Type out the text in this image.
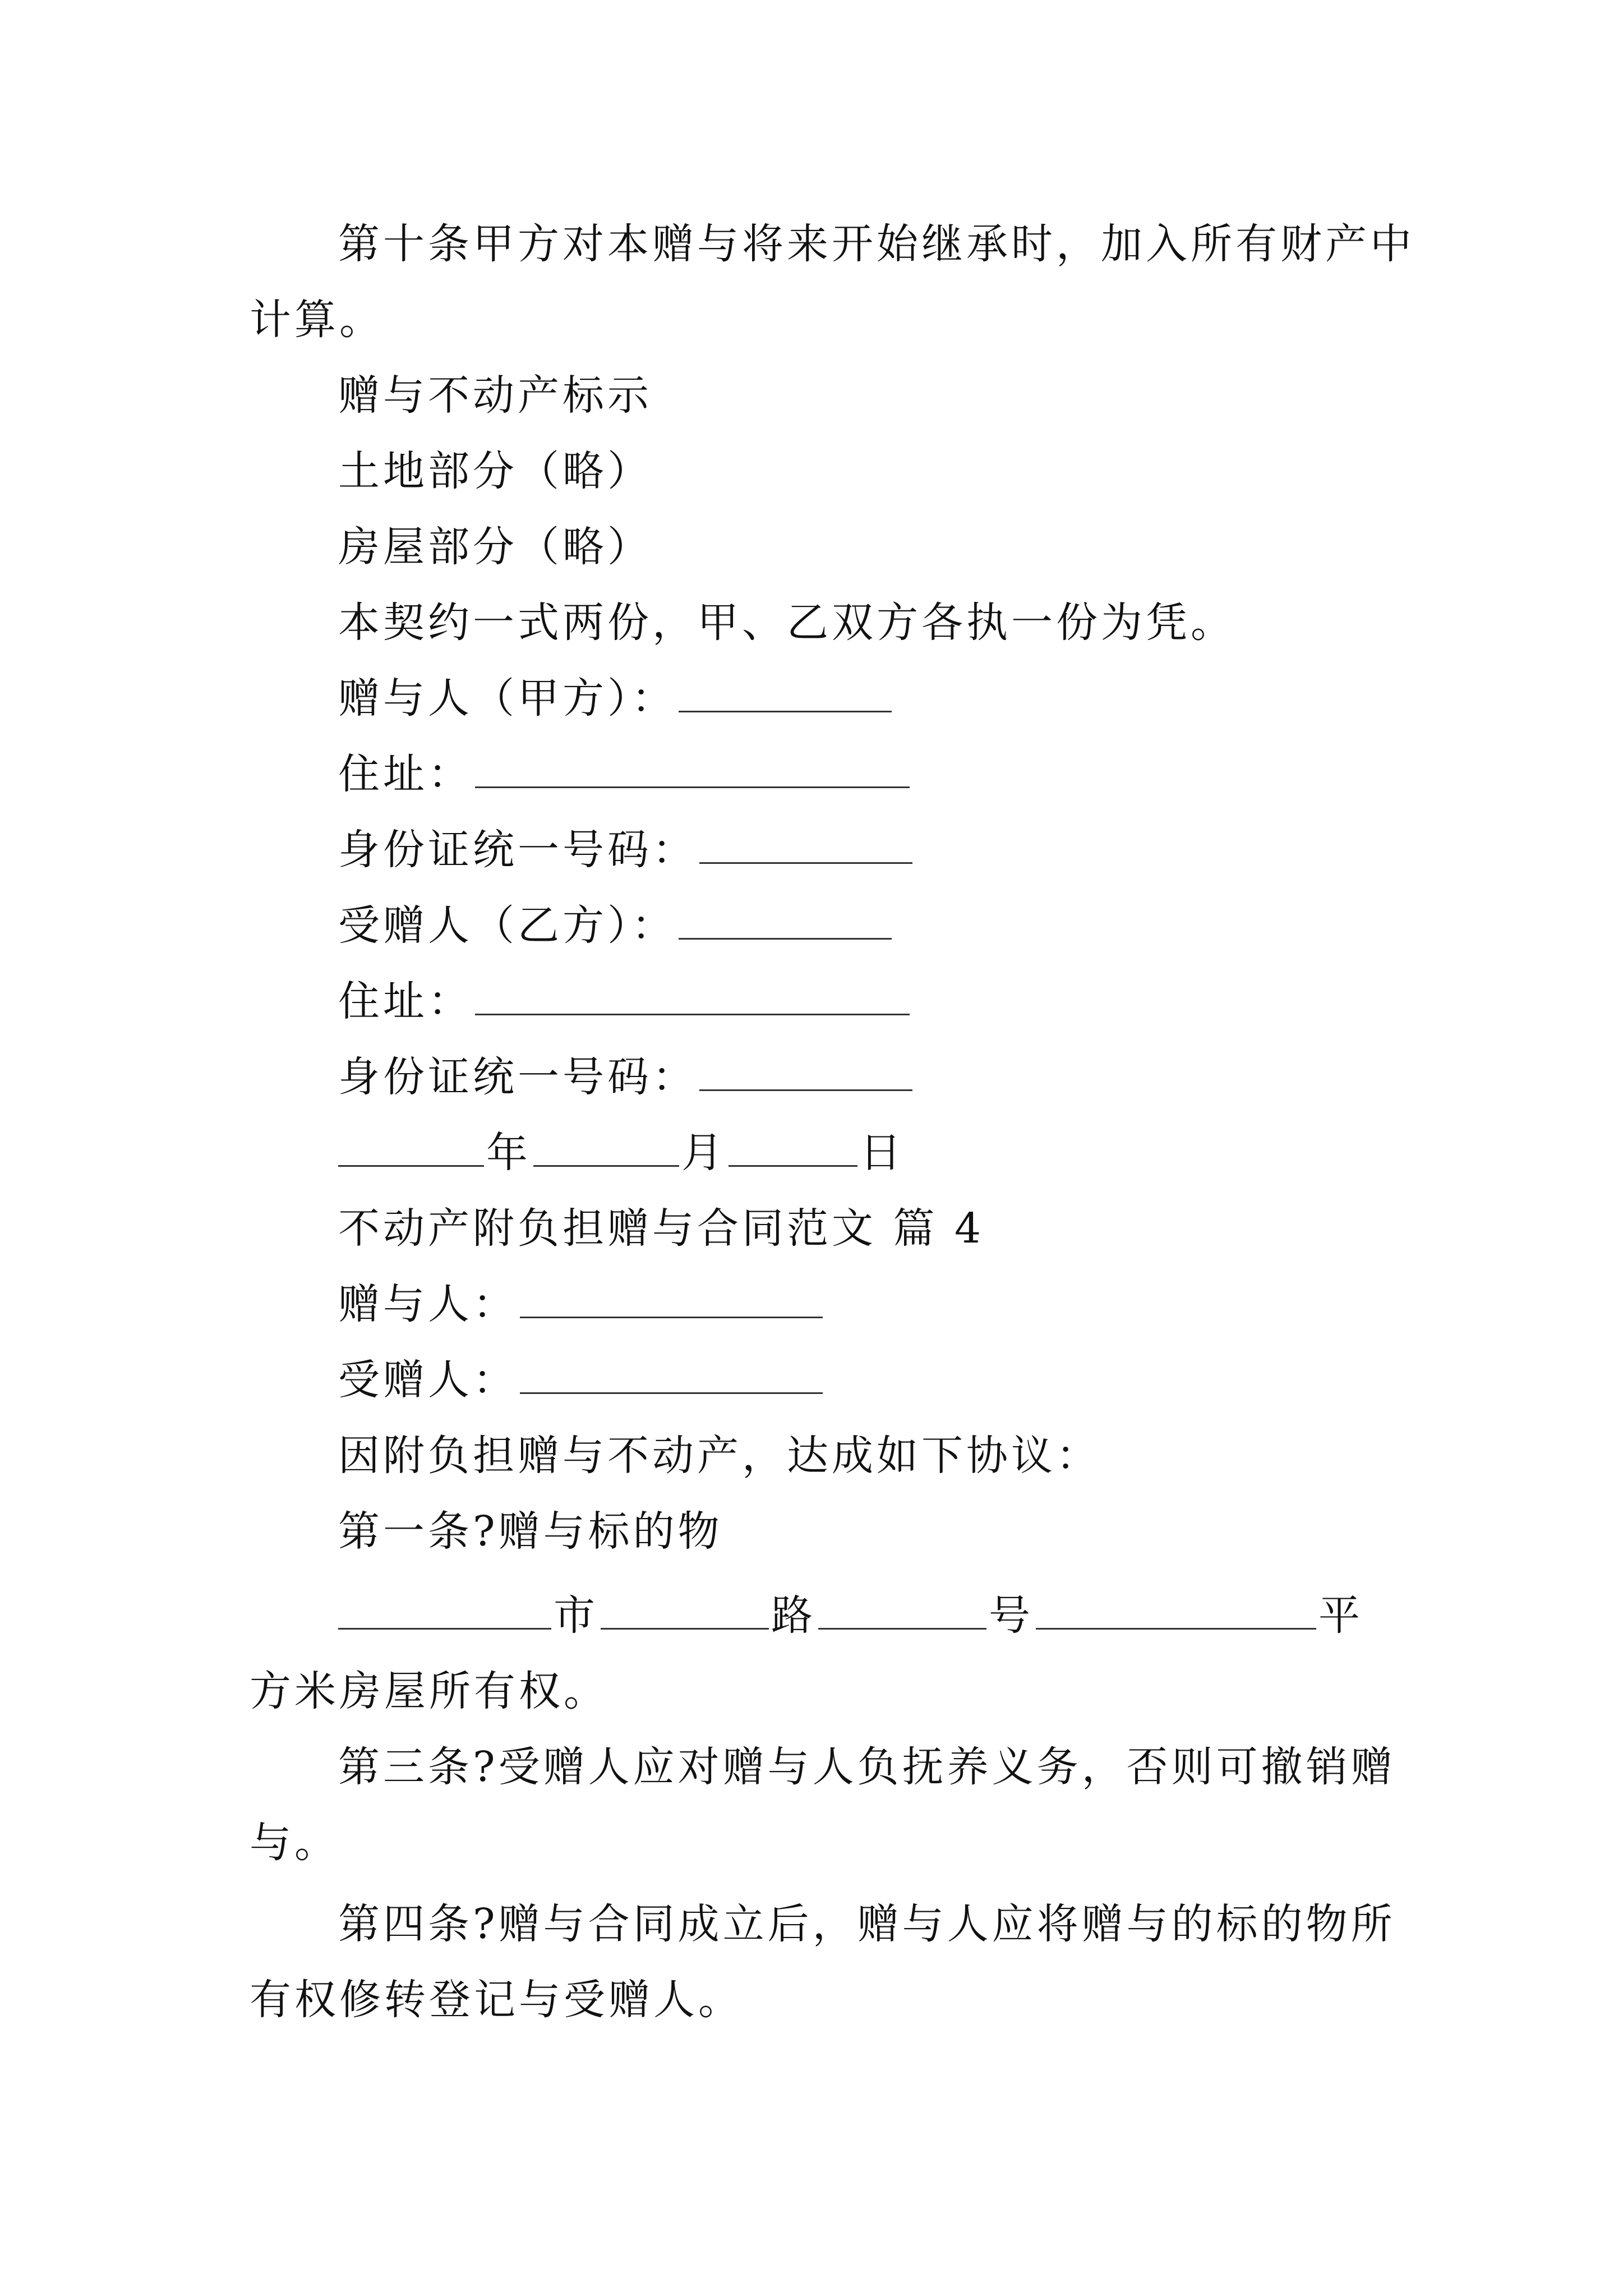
第十条甲方对本赠与将来开始继承时，加入所有财产中
计算。
赠与不动产标示
土地部分（略）
房屋部分（略）
本契约一式两份，甲、乙双方各执一份为凭。
赠与人（甲方）：
住址：
身份证统一号码：
受赠人（乙方）：
住址：
身份证统一号码：
年	月	日
不动产附负担赠与合同范文 篇 4
赠与人：
受赠人：
因附负担赠与不动产，达成如下协议：
第一条?赠与标的物
市	路	号	平
方米房屋所有权。
第三条?受赠人应对赠与人负抚养义务，否则可撤销赠
与。
第四条?赠与合同成立后，赠与人应将赠与的标的物所
有权修转登记与受赠人。
